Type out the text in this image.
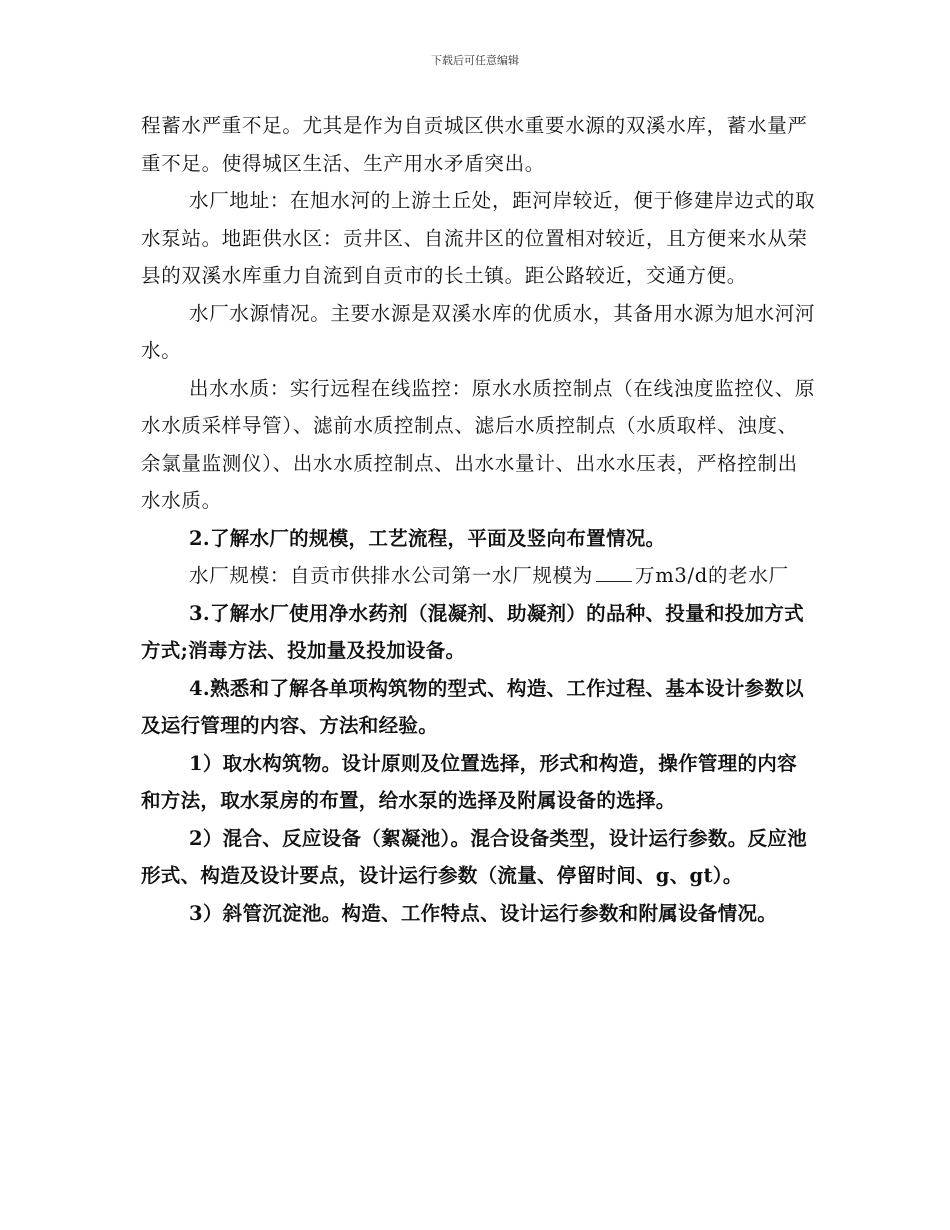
下载后可任意编辑

程蓄水严重不足。尤其是作为自贡城区供水重要水源的双溪水库，蓄水量严重不足。使得城区生活、生产用水矛盾突出。

水厂地址：在旭水河的上游土丘处，距河岸较近，便于修建岸边式的取水泵站。地距供水区：贡井区、自流井区的位置相对较近，且方便来水从荣县的双溪水库重力自流到自贡市的长土镇。距公路较近，交通方便。

水厂水源情况。主要水源是双溪水库的优质水，其备用水源为旭水河河水。

出水水质：实行远程在线监控：原水水质控制点（在线浊度监控仪、原水水质采样导管）、滤前水质控制点、滤后水质控制点（水质取样、浊度、余氯量监测仪）、出水水质控制点、出水水量计、出水水压表，严格控制出水水质。

2.了解水厂的规模，工艺流程，平面及竖向布置情况。

水厂规模：自贡市供排水公司第一水厂规模为 万m3/d的老水厂

3.了解水厂使用净水药剂（混凝剂、助凝剂）的品种、投量和投加方式方式;消毒方法、投加量及投加设备。

4.熟悉和了解各单项构筑物的型式、构造、工作过程、基本设计参数以及运行管理的内容、方法和经验。

1）取水构筑物。设计原则及位置选择，形式和构造，操作管理的内容和方法，取水泵房的布置，给水泵的选择及附属设备的选择。

2）混合、反应设备（絮凝池）。混合设备类型，设计运行参数。反应池形式、构造及设计要点，设计运行参数（流量、停留时间、g、gt）。

3）斜管沉淀池。构造、工作特点、设计运行参数和附属设备情况。
